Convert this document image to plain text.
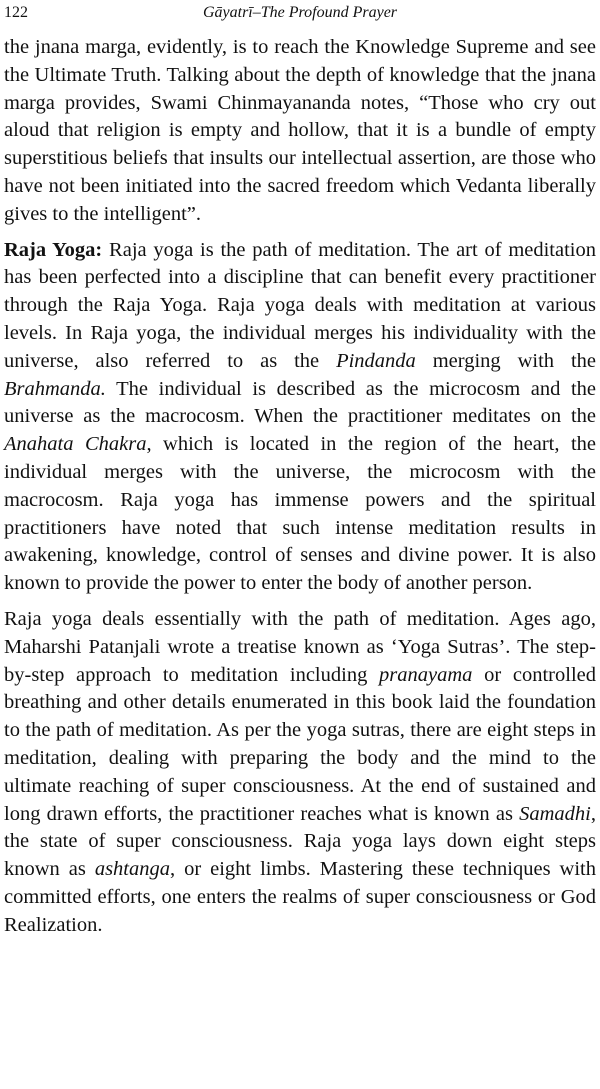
122	Gāyatrī–The Profound Prayer

the jnana marga, evidently, is to reach the Knowledge Supreme and see the Ultimate Truth. Talking about the depth of knowledge that the jnana marga provides, Swami Chinmayananda notes, “Those who cry out aloud that religion is empty and hollow, that it is a bundle of empty superstitious beliefs that insults our intellectual assertion, are those who have not been initiated into the sacred freedom which Vedanta liberally gives to the intelligent”.

Raja Yoga: Raja yoga is the path of meditation. The art of meditation has been perfected into a discipline that can benefit every practitioner through the Raja Yoga. Raja yoga deals with meditation at various levels. In Raja yoga, the individual merges his individuality with the universe, also referred to as the Pindanda merging with the Brahmanda. The individual is described as the microcosm and the universe as the macrocosm. When the practitioner meditates on the Anahata Chakra, which is located in the region of the heart, the individual merges with the universe, the microcosm with the macrocosm. Raja yoga has immense powers and the spiritual practitioners have noted that such intense meditation results in awakening, knowledge, control of senses and divine power. It is also known to provide the power to enter the body of another person.

Raja yoga deals essentially with the path of meditation. Ages ago, Maharshi Patanjali wrote a treatise known as ‘Yoga Sutras’. The step-by-step approach to meditation including pranayama or controlled breathing and other details enumerated in this book laid the foundation to the path of meditation. As per the yoga sutras, there are eight steps in meditation, dealing with preparing the body and the mind to the ultimate reaching of super consciousness. At the end of sustained and long drawn efforts, the practitioner reaches what is known as Samadhi, the state of super consciousness. Raja yoga lays down eight steps known as ashtanga, or eight limbs. Mastering these techniques with committed efforts, one enters the realms of super consciousness or God Realization.
